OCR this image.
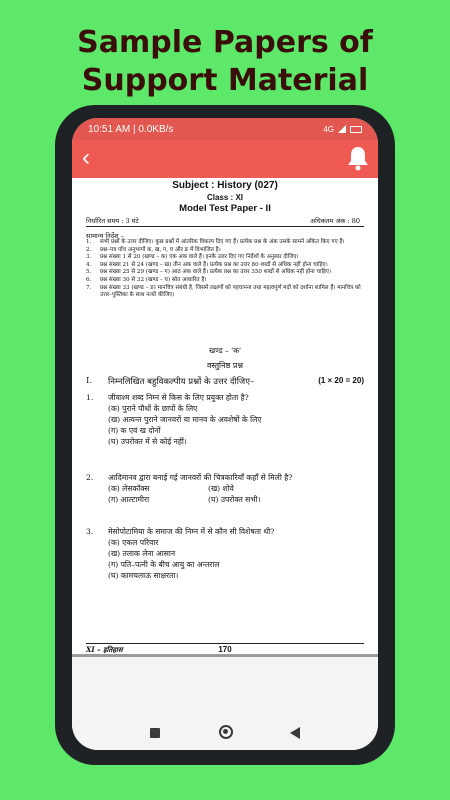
Sample Papers of
Support Material
10:51 AM | 0.0KB/s	4G
‹
Subject : History (027)
Class : XI
Model Test Paper - II
निर्धारित समय : 3 घंटे	अधिकतम अंक : 80
सामान्य निर्देश –
1.	सभी प्रश्नों के उत्तर दीजिए। कुछ प्रश्नों में आंतरिक विकल्प दिए गए हैं। प्रत्येक प्रश्न के अंक उसके सामने अंकित किए गए हैं।
2.	प्रश्न–पत्र पाँच अनुभागों क, ख, ग, घ और ङ में विभाजित है।
3.	प्रश्न संख्या 1 से 20 (खण्ड – क) एक अंक वाले हैं। इनके उत्तर दिए गए निर्देशों के अनुसार दीजिए।
4.	प्रश्न संख्या 21 से 24 (खण्ड – ख) तीन अंक वाले हैं। प्रत्येक प्रश्न का उत्तर 80 शब्दों से अधिक नहीं होना चाहिए।
5.	प्रश्न संख्या 25 से 29 (खण्ड – ग) आठ अंक वाले हैं। प्रत्येक प्रश्न का उत्तर 350 शब्दों से अधिक नहीं होना चाहिए।
6.	प्रश्न संख्या 30 से 32 (खण्ड – घ) स्रोत आधारित है।
7.	प्रश्न संख्या 33 (खण्ड – ङ) मानचित्र संबंधी है, जिसमें लक्षणों को पहचानना तथा महत्वपूर्ण मदों को दर्शाना शामिल हैं। मानचित्र को उत्तर–पुस्तिका के साथ नत्थी कीजिए।
खण्ड – 'क'
वस्तुनिष्ठ प्रश्न
I.	निम्नलिखित बहुविकल्पीय प्रश्नों के उत्तर दीजिए–	(1 × 20 = 20)
1.	जीवाश्म शब्द निम्न से किस के लिए प्रयुक्त होता है?
(क) पुराने पौधों के छापों के लिए
(ख) अत्यन्त पुराने जानवरों या मानव के अवशेषों के लिए
(ग) क एवं ख दोनों
(घ) उपरोक्त में से कोई नहीं।
2.	आदिमानव द्वारा बनाई गई जानवरों की चित्रकारियाँ कहाँ से मिली है?
(क) लेसकॉक्स	(ख) शोवे
(ग) आल्टामीरा	(घ) उपरोक्त सभी।
3.	मेसोपोटामिया के समाज की निम्न में से कौन सी विशेषता थी?
(क) एकल परिवार
(ख) तलाक लेना आसान
(ग) पति–पत्नी के बीच आयु का अन्तराल
(घ) कामचलाऊ साक्षरता।
XI – इतिहास	170
